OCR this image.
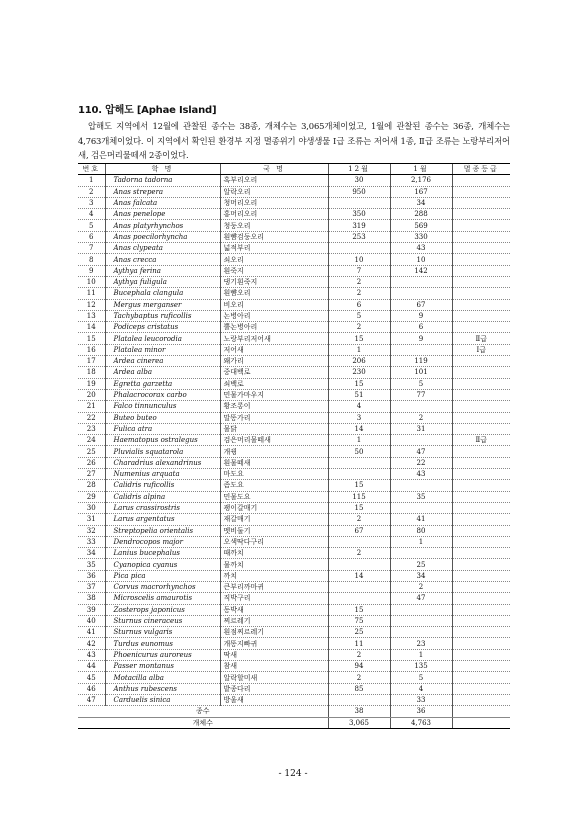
110. 압해도 [Aphae Island]
압해도 지역에서 12월에 관찰된 종수는 38종, 개체수는 3,065개체이었고, 1월에 관찰된 종수는 36종, 개체수는 4,763개체이었다. 이 지역에서 확인된 환경부 지정 멸종위기 야생생물 Ⅰ급 조류는 저어새 1종, Ⅱ급 조류는 노랑부리저어새, 검은머리물떼새 2종이었다.
번호	학 명	국 명	12월	1월	멸종등급
1	Tadorna tadorna	혹부리오리	30	2,176	
2	Anas strepera	알락오리	950	167	
3	Anas falcata	청머리오리		34	
4	Anas penelope	홍머리오리	350	288	
5	Anas platyrhynchos	청둥오리	319	569	
6	Anas poecilorhyncha	흰뺨검둥오리	253	330	
7	Anas clypeata	넓적부리		43	
8	Anas crecca	쇠오리	10	10	
9	Aythya ferina	흰죽지	7	142	
10	Aythya fuligula	댕기흰죽지	2		
11	Bucephala clangula	흰뺨오리	2		
12	Mergus merganser	비오리	6	67	
13	Tachybaptus ruficollis	논병아리	5	9	
14	Podiceps cristatus	뿔논병아리	2	6	
15	Platalea leucorodia	노랑부리저어새	15	9	Ⅱ급
16	Platalea minor	저어새	1		Ⅰ급
17	Ardea cinerea	왜가리	206	119	
18	Ardea alba	중대백로	230	101	
19	Egretta garzetta	쇠백로	15	5	
20	Phalacrocorax carbo	민물가마우지	51	77	
21	Falco tinnunculus	황조롱이	4		
22	Buteo buteo	말똥가리	3	2	
23	Fulica atra	물닭	14	31	
24	Haematopus ostralegus	검은머리물떼새	1		Ⅱ급
25	Pluvialis squatarola	개꿩	50	47	
26	Charadrius alexandrinus	흰물떼새		22	
27	Numenius arquata	마도요		43	
28	Calidris ruficollis	좀도요	15		
29	Calidris alpina	민물도요	115	35	
30	Larus crassirostris	괭이갈매기	15		
31	Larus argentatus	재갈매기	2	41	
32	Streptopelia orientalis	멧비둘기	67	80	
33	Dendrocopos major	오색딱다구리		1	
34	Lanius bucephalus	때까치	2		
35	Cyanopica cyanus	물까치		25	
36	Pica pica	까치	14	34	
37	Corvus macrorhynchos	큰부리까마귀		2	
38	Microscelis amaurotis	직박구리		47	
39	Zosterops japonicus	동박새	15		
40	Sturnus cineraceus	찌르레기	75		
41	Sturnus vulgaris	흰점찌르레기	25		
42	Turdus eunomus	개똥지빠귀	11	23	
43	Phoenicurus auroreus	딱새	2	1	
44	Passer montanus	참새	94	135	
45	Motacilla alba	알락할미새	2	5	
46	Anthus rubescens	밭종다리	85	4	
47	Carduelis sinica	방울새		33	
종수			38	36	
개체수			3,065	4,763	
- 124 -
